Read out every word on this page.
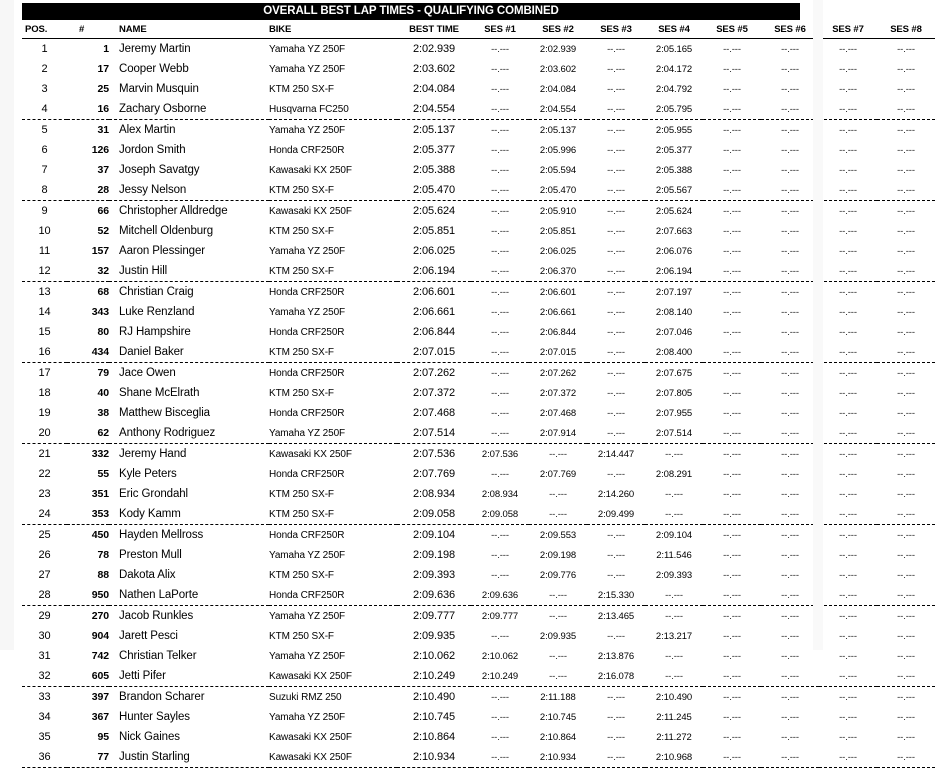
OVERALL BEST LAP TIMES - QUALIFYING COMBINED
POS.	#	NAME	BIKE	BEST TIME	SES #1	SES #2	SES #3	SES #4	SES #5	SES #6	SES #7	SES #8
1	1	Jeremy Martin	Yamaha YZ 250F	2:02.939	--.---	2:02.939	--.---	2:05.165	--.---	--.---	--.---	--.---
2	17	Cooper Webb	Yamaha YZ 250F	2:03.602	--.---	2:03.602	--.---	2:04.172	--.---	--.---	--.---	--.---
3	25	Marvin Musquin	KTM 250 SX-F	2:04.084	--.---	2:04.084	--.---	2:04.792	--.---	--.---	--.---	--.---
4	16	Zachary Osborne	Husqvarna FC250	2:04.554	--.---	2:04.554	--.---	2:05.795	--.---	--.---	--.---	--.---
5	31	Alex Martin	Yamaha YZ 250F	2:05.137	--.---	2:05.137	--.---	2:05.955	--.---	--.---	--.---	--.---
6	126	Jordon Smith	Honda CRF250R	2:05.377	--.---	2:05.996	--.---	2:05.377	--.---	--.---	--.---	--.---
7	37	Joseph Savatgy	Kawasaki KX 250F	2:05.388	--.---	2:05.594	--.---	2:05.388	--.---	--.---	--.---	--.---
8	28	Jessy Nelson	KTM 250 SX-F	2:05.470	--.---	2:05.470	--.---	2:05.567	--.---	--.---	--.---	--.---
9	66	Christopher Alldredge	Kawasaki KX 250F	2:05.624	--.---	2:05.910	--.---	2:05.624	--.---	--.---	--.---	--.---
10	52	Mitchell Oldenburg	KTM 250 SX-F	2:05.851	--.---	2:05.851	--.---	2:07.663	--.---	--.---	--.---	--.---
11	157	Aaron Plessinger	Yamaha YZ 250F	2:06.025	--.---	2:06.025	--.---	2:06.076	--.---	--.---	--.---	--.---
12	32	Justin Hill	KTM 250 SX-F	2:06.194	--.---	2:06.370	--.---	2:06.194	--.---	--.---	--.---	--.---
13	68	Christian Craig	Honda CRF250R	2:06.601	--.---	2:06.601	--.---	2:07.197	--.---	--.---	--.---	--.---
14	343	Luke Renzland	Yamaha YZ 250F	2:06.661	--.---	2:06.661	--.---	2:08.140	--.---	--.---	--.---	--.---
15	80	RJ Hampshire	Honda CRF250R	2:06.844	--.---	2:06.844	--.---	2:07.046	--.---	--.---	--.---	--.---
16	434	Daniel Baker	KTM 250 SX-F	2:07.015	--.---	2:07.015	--.---	2:08.400	--.---	--.---	--.---	--.---
17	79	Jace Owen	Honda CRF250R	2:07.262	--.---	2:07.262	--.---	2:07.675	--.---	--.---	--.---	--.---
18	40	Shane McElrath	KTM 250 SX-F	2:07.372	--.---	2:07.372	--.---	2:07.805	--.---	--.---	--.---	--.---
19	38	Matthew Bisceglia	Honda CRF250R	2:07.468	--.---	2:07.468	--.---	2:07.955	--.---	--.---	--.---	--.---
20	62	Anthony Rodriguez	Yamaha YZ 250F	2:07.514	--.---	2:07.914	--.---	2:07.514	--.---	--.---	--.---	--.---
21	332	Jeremy Hand	Kawasaki KX 250F	2:07.536	2:07.536	--.---	2:14.447	--.---	--.---	--.---	--.---	--.---
22	55	Kyle Peters	Honda CRF250R	2:07.769	--.---	2:07.769	--.---	2:08.291	--.---	--.---	--.---	--.---
23	351	Eric Grondahl	KTM 250 SX-F	2:08.934	2:08.934	--.---	2:14.260	--.---	--.---	--.---	--.---	--.---
24	353	Kody Kamm	KTM 250 SX-F	2:09.058	2:09.058	--.---	2:09.499	--.---	--.---	--.---	--.---	--.---
25	450	Hayden Mellross	Honda CRF250R	2:09.104	--.---	2:09.553	--.---	2:09.104	--.---	--.---	--.---	--.---
26	78	Preston Mull	Yamaha YZ 250F	2:09.198	--.---	2:09.198	--.---	2:11.546	--.---	--.---	--.---	--.---
27	88	Dakota Alix	KTM 250 SX-F	2:09.393	--.---	2:09.776	--.---	2:09.393	--.---	--.---	--.---	--.---
28	950	Nathen LaPorte	Honda CRF250R	2:09.636	2:09.636	--.---	2:15.330	--.---	--.---	--.---	--.---	--.---
29	270	Jacob Runkles	Yamaha YZ 250F	2:09.777	2:09.777	--.---	2:13.465	--.---	--.---	--.---	--.---	--.---
30	904	Jarett Pesci	KTM 250 SX-F	2:09.935	--.---	2:09.935	--.---	2:13.217	--.---	--.---	--.---	--.---
31	742	Christian Telker	Yamaha YZ 250F	2:10.062	2:10.062	--.---	2:13.876	--.---	--.---	--.---	--.---	--.---
32	605	Jetti Pifer	Kawasaki KX 250F	2:10.249	2:10.249	--.---	2:16.078	--.---	--.---	--.---	--.---	--.---
33	397	Brandon Scharer	Suzuki RMZ 250	2:10.490	--.---	2:11.188	--.---	2:10.490	--.---	--.---	--.---	--.---
34	367	Hunter Sayles	Yamaha YZ 250F	2:10.745	--.---	2:10.745	--.---	2:11.245	--.---	--.---	--.---	--.---
35	95	Nick Gaines	Kawasaki KX 250F	2:10.864	--.---	2:10.864	--.---	2:11.272	--.---	--.---	--.---	--.---
36	77	Justin Starling	Kawasaki KX 250F	2:10.934	--.---	2:10.934	--.---	2:10.968	--.---	--.---	--.---	--.---
